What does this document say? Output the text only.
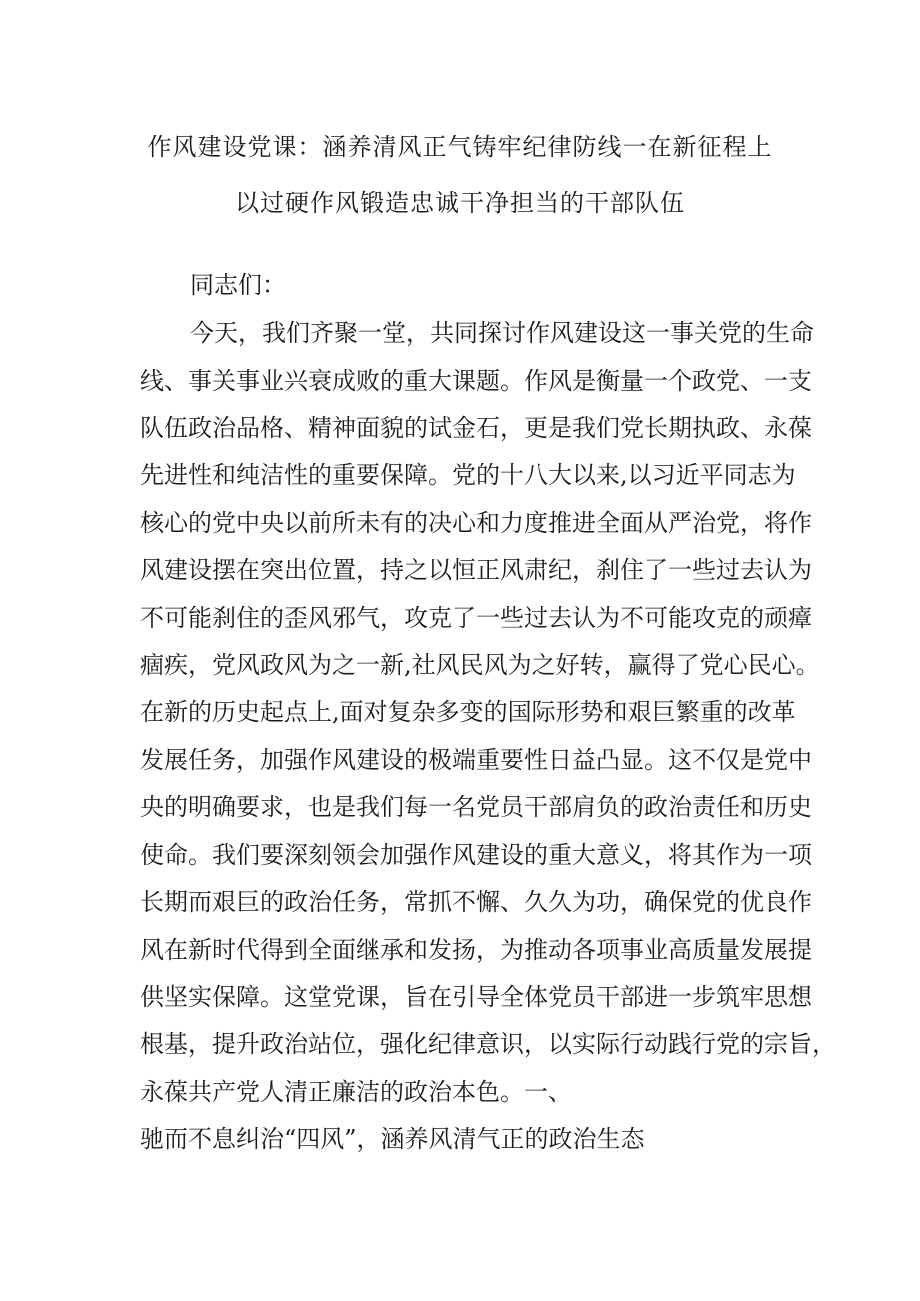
作风建设党课：涵养清风正气铸牢纪律防线一在新征程上
以过硬作风锻造忠诚干净担当的干部队伍
同志们：
今天，我们齐聚一堂，共同探讨作风建设这一事关党的生命
线、事关事业兴衰成败的重大课题。作风是衡量一个政党、一支
队伍政治品格、精神面貌的试金石，更是我们党长期执政、永葆
先进性和纯洁性的重要保障。党的十八大以来,以习近平同志为
核心的党中央以前所未有的决心和力度推进全面从严治党，将作
风建设摆在突出位置，持之以恒正风肃纪，刹住了一些过去认为
不可能刹住的歪风邪气，攻克了一些过去认为不可能攻克的顽瘴
痼疾，党风政风为之一新,社风民风为之好转，赢得了党心民心。
在新的历史起点上,面对复杂多变的国际形势和艰巨繁重的改革
发展任务，加强作风建设的极端重要性日益凸显。这不仅是党中
央的明确要求，也是我们每一名党员干部肩负的政治责任和历史
使命。我们要深刻领会加强作风建设的重大意义，将其作为一项
长期而艰巨的政治任务，常抓不懈、久久为功，确保党的优良作
风在新时代得到全面继承和发扬，为推动各项事业高质量发展提
供坚实保障。这堂党课，旨在引导全体党员干部进一步筑牢思想
根基，提升政治站位，强化纪律意识，以实际行动践行党的宗旨，
永葆共产党人清正廉洁的政治本色。一、
驰而不息纠治“四风”，涵养风清气正的政治生态
